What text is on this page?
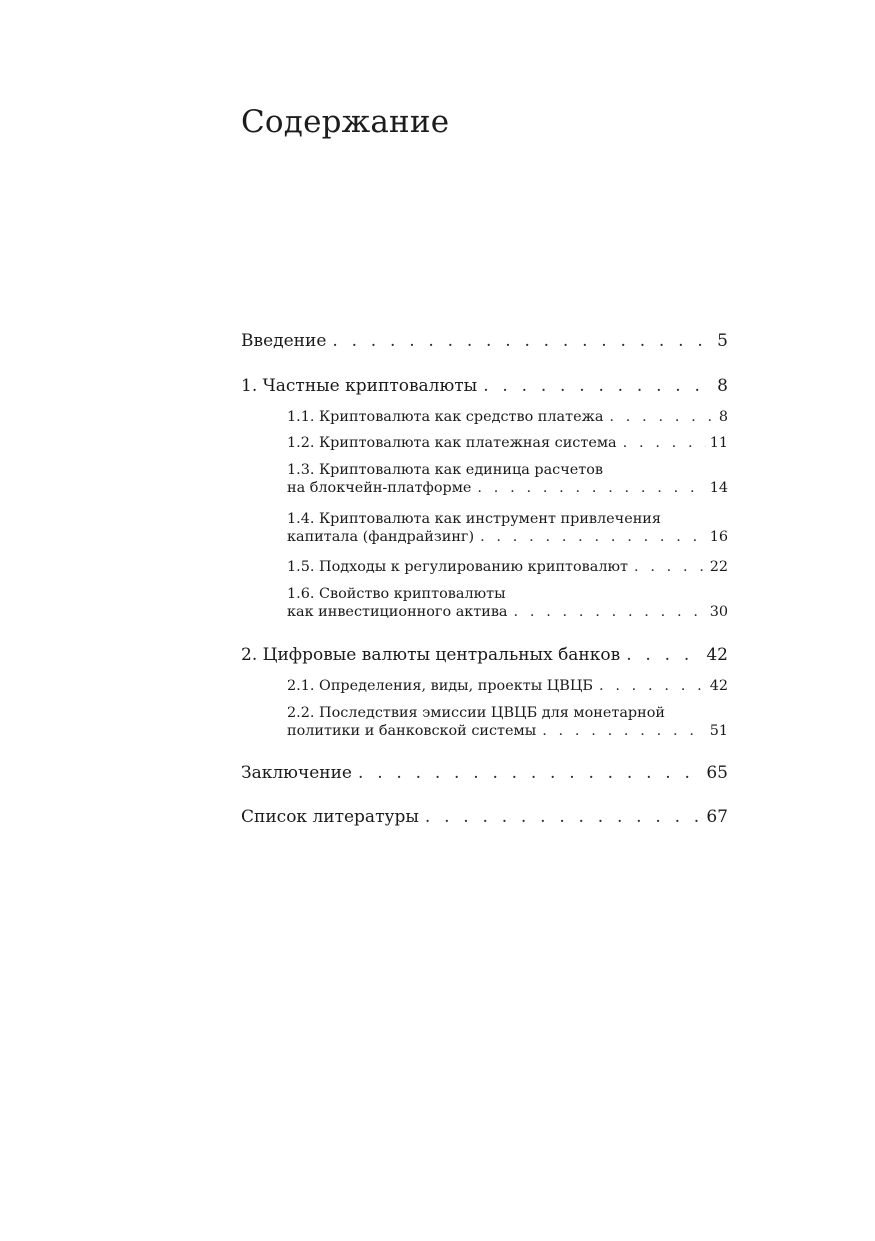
Содержание
Введение . . .	5
1. Частные криптовалюты . . .	8
1.1. Криптовалюта как средство платежа . . .	8
1.2. Криптовалюта как платежная система . . .	11
1.3. Криптовалюта как единица расчетов
на блокчейн-платформе . . .	14
1.4. Криптовалюта как инструмент привлечения
капитала (фандрайзинг) . . .	16
1.5. Подходы к регулированию криптовалют . . .	22
1.6. Свойство криптовалюты
как инвестиционного актива . . .	30
2. Цифровые валюты центральных банков . . .	42
2.1. Определения, виды, проекты ЦВЦБ . . .	42
2.2. Последствия эмиссии ЦВЦБ для монетарной
политики и банковской системы . . .	51
Заключение . . .	65
Список литературы . . .	67
